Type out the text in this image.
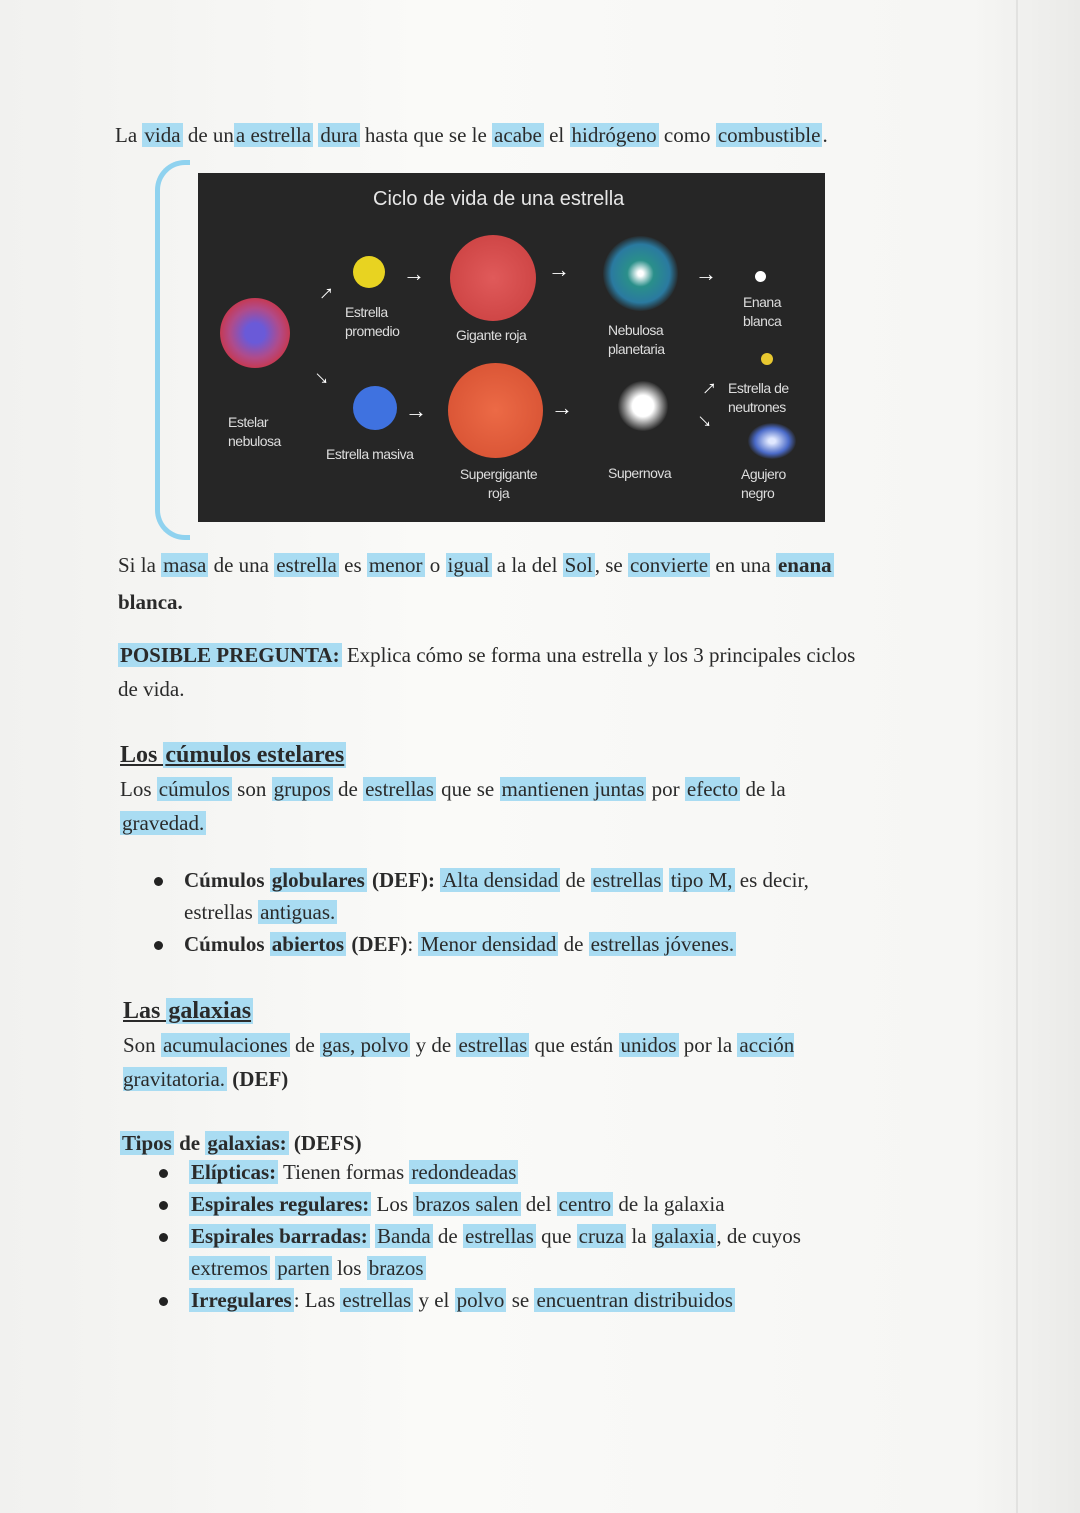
La vida de una estrella dura hasta que se le acabe el hidrógeno como combustible.
Ciclo de vida de una estrella
Estelar nebulosa
→
→
Estrella promedio
→
Gigante roja
→
Nebulosa planetaria
→
Enana blanca
Estrella masiva
→
Supergigante roja
→
Supernova
→
→
Estrella de neutrones
Agujero negro
Si la masa de una estrella es menor o igual a la del Sol, se convierte en una enana blanca.
POSIBLE PREGUNTA: Explica cómo se forma una estrella y los 3 principales ciclos de vida.
Los cúmulos estelares
Los cúmulos son grupos de estrellas que se mantienen juntas por efecto de la gravedad.
Cúmulos globulares (DEF): Alta densidad de estrellas tipo M, es decir, estrellas antiguas.
Cúmulos abiertos (DEF): Menor densidad de estrellas jóvenes.
Las galaxias
Son acumulaciones de gas, polvo y de estrellas que están unidos por la acción gravitatoria. (DEF)
Tipos de galaxias: (DEFS)
Elípticas: Tienen formas redondeadas
Espirales regulares: Los brazos salen del centro de la galaxia
Espirales barradas: Banda de estrellas que cruza la galaxia, de cuyos extremos parten los brazos
Irregulares: Las estrellas y el polvo se encuentran distribuidos
